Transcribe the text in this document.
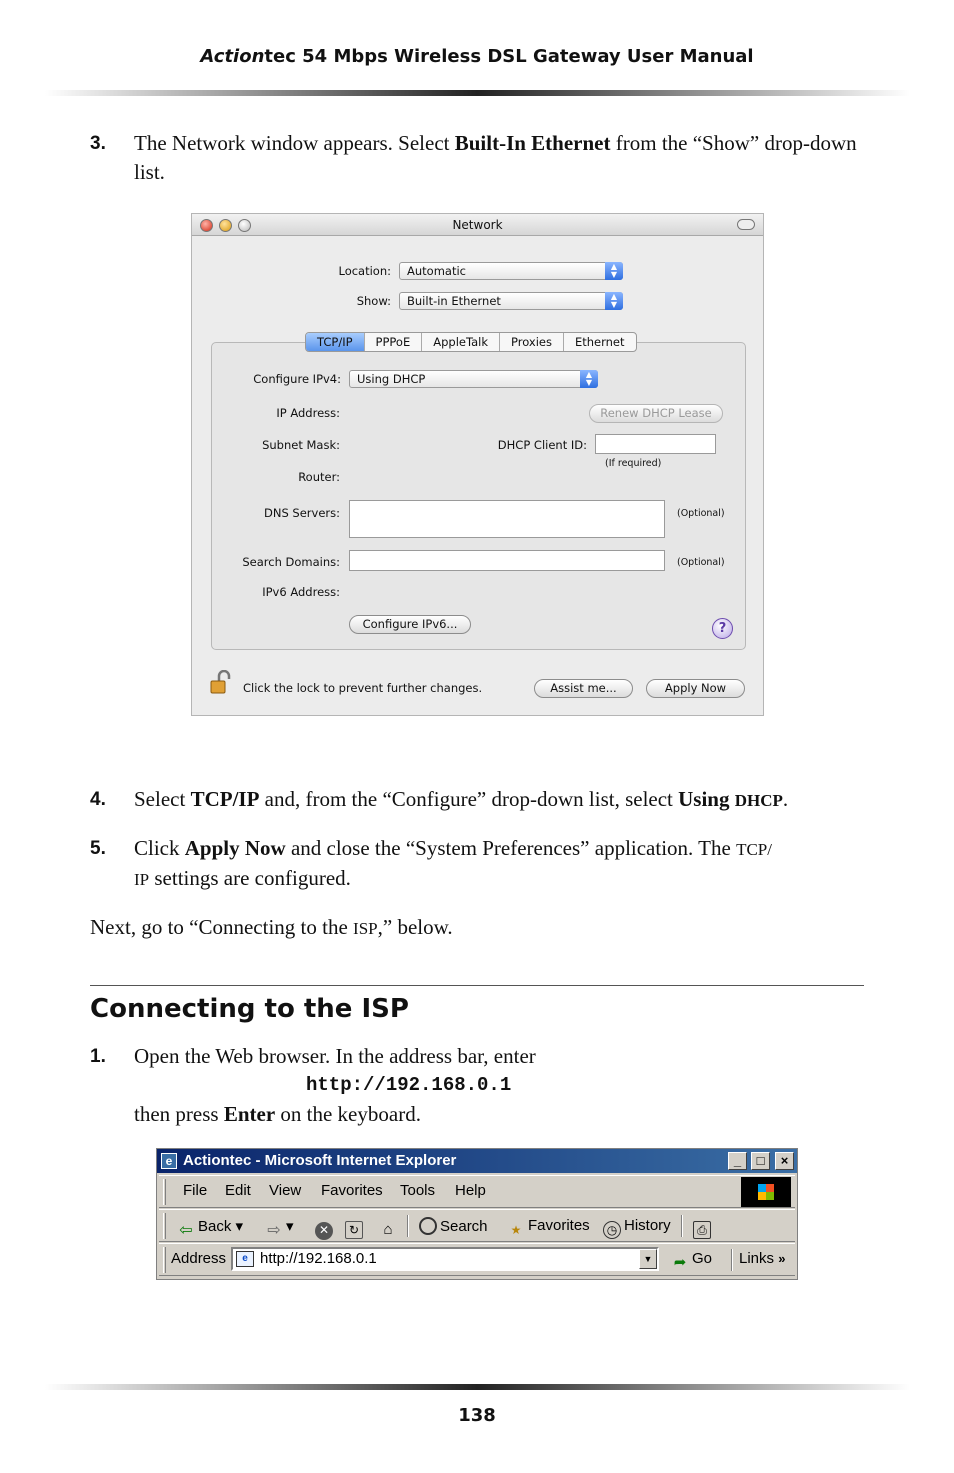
Actiontec 54 Mbps Wireless DSL Gateway User Manual
3. The Network window appears. Select Built-In Ethernet from the “Show” drop-down list.
Network
Location:	Automatic	▲
▼
Show:	Built-in Ethernet	▲
▼
TCP/IP	PPPoE	AppleTalk	Proxies	Ethernet
Configure IPv4:	Using DHCP	▲
▼
IP Address:	Renew DHCP Lease
Subnet Mask:	DHCP Client ID:
(If required)
Router:
DNS Servers:	(Optional)
Search Domains:	(Optional)
IPv6 Address:
Configure IPv6...	?
Click the lock to prevent further changes.	Assist me...	Apply Now
4. Select TCP/IP and, from the “Configure” drop-down list, select Using DHCP.
5. Click Apply Now and close the “System Preferences” application. The TCP/
IP settings are configured.
Next, go to “Connecting to the ISP,” below.
Connecting to the ISP
1. Open the Web browser. In the address bar, enter
http://192.168.0.1
then press Enter on the keyboard.
e Actiontec - Microsoft Internet Explorer	_	□	×
File Edit View Favorites Tools Help
⇦ Back ▾ ⇨ ▾	✕	↻	⌂	Search	★ Favorites	◷ History	⎙
Address	e http://192.168.0.1	▼	➦ Go Links »
138
